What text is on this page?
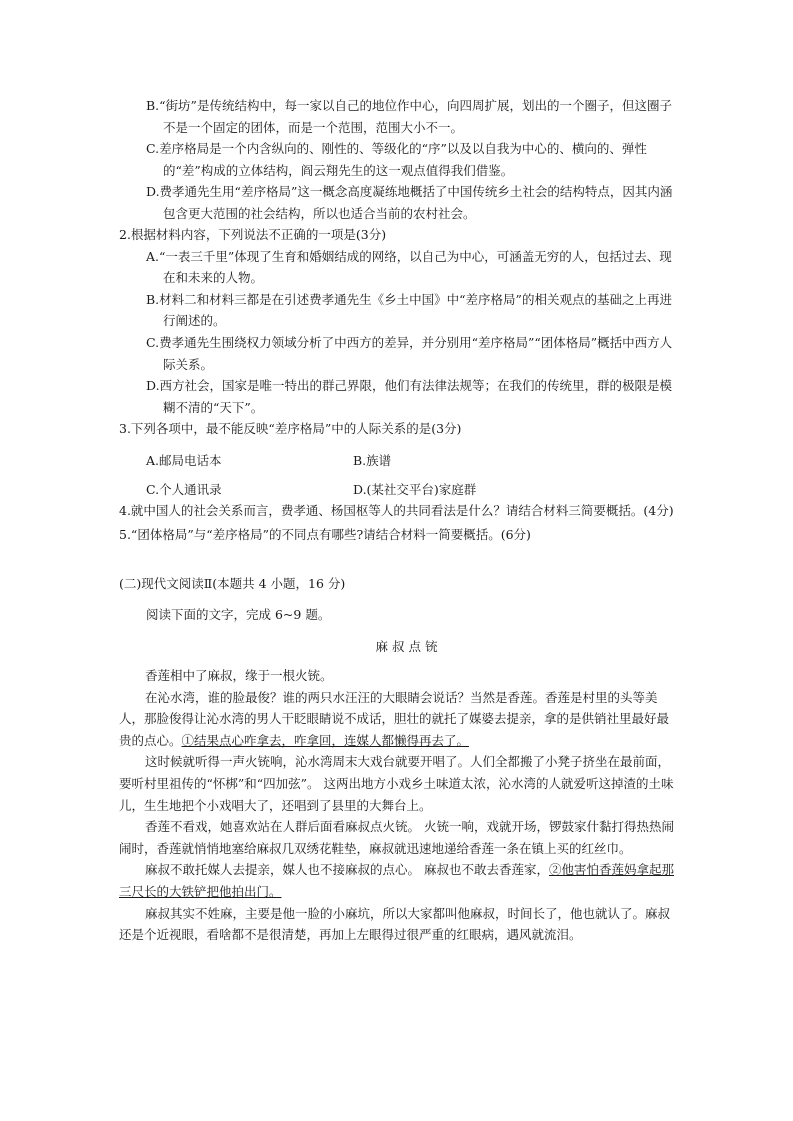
B.“街坊”是传统结构中，每一家以自己的地位作中心，向四周扩展，划出的一个圈子，但这圈子不是一个固定的团体，而是一个范围，范围大小不一。

C.差序格局是一个内含纵向的、刚性的、等级化的“序”以及以自我为中心的、横向的、弹性的“差”构成的立体结构，阎云翔先生的这一观点值得我们借鉴。

D.费孝通先生用“差序格局”这一概念高度凝练地概括了中国传统乡土社会的结构特点，因其内涵包含更大范围的社会结构，所以也适合当前的农村社会。

2.根据材料内容，下列说法不正确的一项是(3分)

A.“一表三千里”体现了生育和婚姻结成的网络，以自己为中心，可涵盖无穷的人，包括过去、现在和未来的人物。

B.材料二和材料三都是在引述费孝通先生《乡土中国》中“差序格局”的相关观点的基础之上再进行阐述的。

C.费孝通先生围绕权力领域分析了中西方的差异，并分别用“差序格局”“团体格局”概括中西方人际关系。

D.西方社会，国家是唯一特出的群己界限，他们有法律法规等；在我们的传统里，群的极限是模糊不清的“天下”。

3.下列各项中，最不能反映“差序格局”中的人际关系的是(3分)

A.邮局电话本	B.族谱
C.个人通讯录	D.(某社交平台)家庭群

4.就中国人的社会关系而言，费孝通、杨国枢等人的共同看法是什么？请结合材料三简要概括。(4分)

5.“团体格局”与“差序格局”的不同点有哪些?请结合材料一简要概括。(6分)

(二)现代文阅读Ⅱ(本题共 4 小题，16 分)

阅读下面的文字，完成 6~9 题。

麻 叔 点 铳

香莲相中了麻叔，缘于一根火铳。

在沁水湾，谁的脸最俊？谁的两只水汪汪的大眼睛会说话？当然是香莲。香莲是村里的头等美人，那脸俊得让沁水湾的男人干眨眼睛说不成话，胆壮的就托了媒婆去提亲，拿的是供销社里最好最贵的点心。①结果点心咋拿去，咋拿回，连媒人都懒得再去了。

这时候就听得一声火铳响，沁水湾周末大戏台就要开唱了。人们全都搬了小凳子挤坐在最前面，要听村里祖传的“怀梆”和“四加弦”。 这两出地方小戏乡土味道太浓，沁水湾的人就爱听这掉渣的土味儿，生生地把个小戏唱大了，还唱到了县里的大舞台上。

香莲不看戏，她喜欢站在人群后面看麻叔点火铳。 火铳一响，戏就开场，锣鼓家什黏打得热热闹闹时，香莲就悄悄地塞给麻叔几双绣花鞋垫，麻叔就迅速地递给香莲一条在镇上买的红丝巾。

麻叔不敢托媒人去提亲，媒人也不接麻叔的点心。 麻叔也不敢去香莲家，②他害怕香莲妈拿起那三尺长的大铁铲把他拍出门。

麻叔其实不姓麻，主要是他一脸的小麻坑，所以大家都叫他麻叔，时间长了，他也就认了。麻叔还是个近视眼，看啥都不是很清楚，再加上左眼得过很严重的红眼病，遇风就流泪。
